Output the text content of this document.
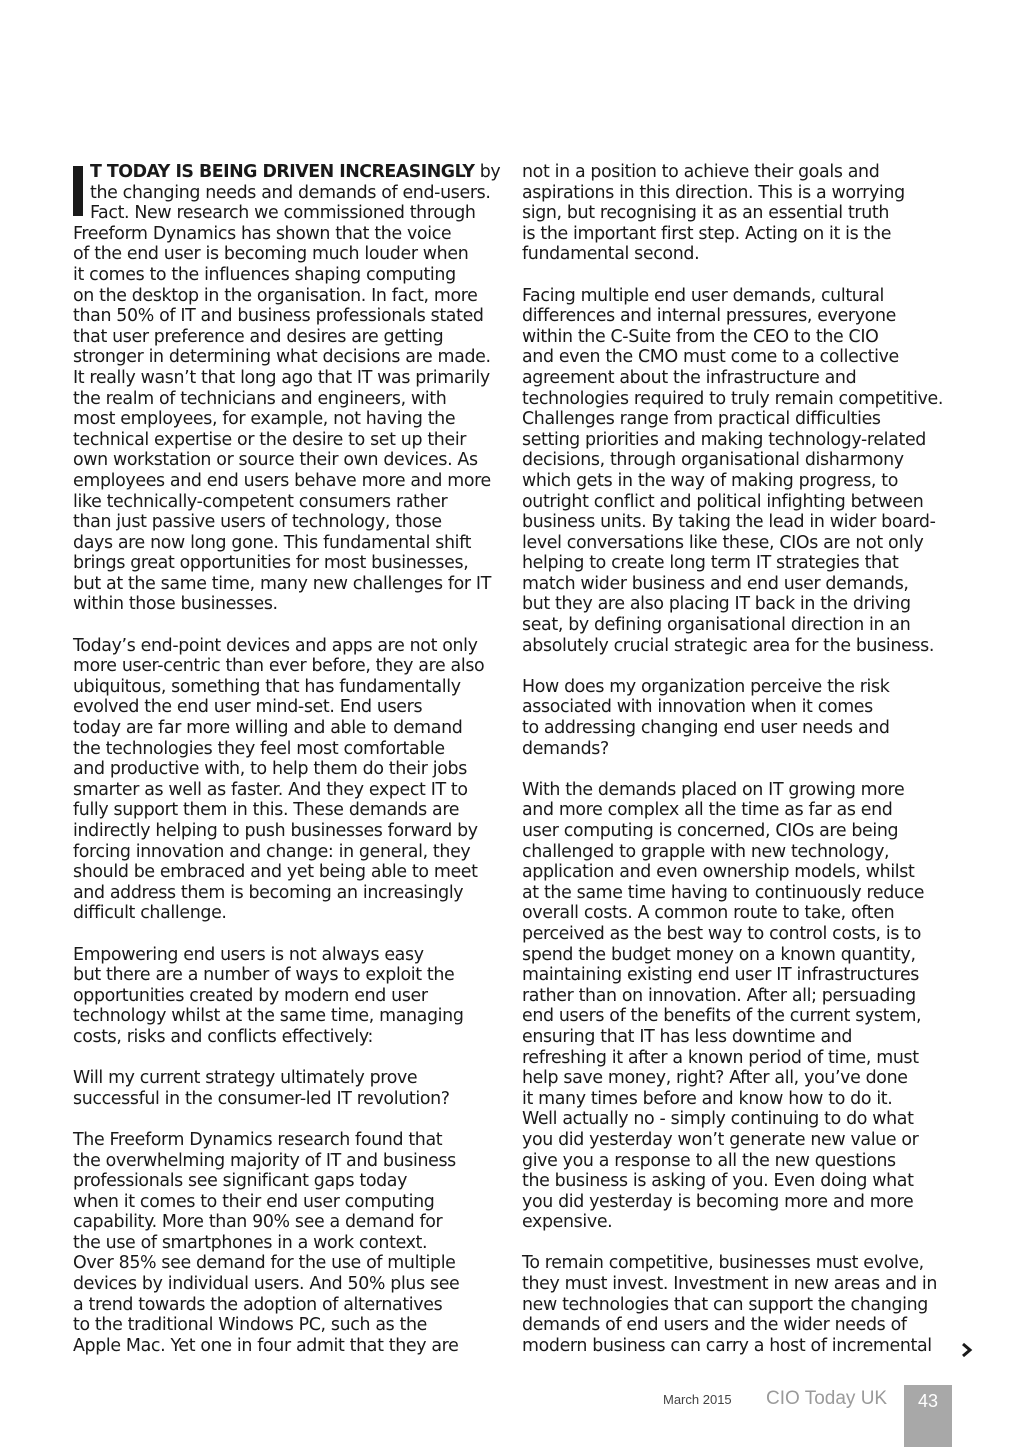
T TODAY IS BEING DRIVEN INCREASINGLY by
the changing needs and demands of end-users.
Fact. New research we commissioned through
Freeform Dynamics has shown that the voice
of the end user is becoming much louder when
it comes to the influences shaping computing
on the desktop in the organisation. In fact, more
than 50% of IT and business professionals stated
that user preference and desires are getting
stronger in determining what decisions are made.
It really wasn’t that long ago that IT was primarily
the realm of technicians and engineers, with
most employees, for example, not having the
technical expertise or the desire to set up their
own workstation or source their own devices. As
employees and end users behave more and more
like technically-competent consumers rather
than just passive users of technology, those
days are now long gone. This fundamental shift
brings great opportunities for most businesses,
but at the same time, many new challenges for IT
within those businesses.

Today’s end-point devices and apps are not only
more user-centric than ever before, they are also
ubiquitous, something that has fundamentally
evolved the end user mind-set. End users
today are far more willing and able to demand
the technologies they feel most comfortable
and productive with, to help them do their jobs
smarter as well as faster. And they expect IT to
fully support them in this. These demands are
indirectly helping to push businesses forward by
forcing innovation and change: in general, they
should be embraced and yet being able to meet
and address them is becoming an increasingly
difficult challenge.

Empowering end users is not always easy
but there are a number of ways to exploit the
opportunities created by modern end user
technology whilst at the same time, managing
costs, risks and conflicts effectively:

Will my current strategy ultimately prove
successful in the consumer-led IT revolution?

The Freeform Dynamics research found that
the overwhelming majority of IT and business
professionals see significant gaps today
when it comes to their end user computing
capability. More than 90% see a demand for
the use of smartphones in a work context.
Over 85% see demand for the use of multiple
devices by individual users. And 50% plus see
a trend towards the adoption of alternatives
to the traditional Windows PC, such as the
Apple Mac. Yet one in four admit that they are

not in a position to achieve their goals and
aspirations in this direction. This is a worrying
sign, but recognising it as an essential truth
is the important first step. Acting on it is the
fundamental second.

Facing multiple end user demands, cultural
differences and internal pressures, everyone
within the C-Suite from the CEO to the CIO
and even the CMO must come to a collective
agreement about the infrastructure and
technologies required to truly remain competitive.
Challenges range from practical difficulties
setting priorities and making technology-related
decisions, through organisational disharmony
which gets in the way of making progress, to
outright conflict and political infighting between
business units. By taking the lead in wider board-
level conversations like these, CIOs are not only
helping to create long term IT strategies that
match wider business and end user demands,
but they are also placing IT back in the driving
seat, by defining organisational direction in an
absolutely crucial strategic area for the business.

How does my organization perceive the risk
associated with innovation when it comes
to addressing changing end user needs and
demands?

With the demands placed on IT growing more
and more complex all the time as far as end
user computing is concerned, CIOs are being
challenged to grapple with new technology,
application and even ownership models, whilst
at the same time having to continuously reduce
overall costs. A common route to take, often
perceived as the best way to control costs, is to
spend the budget money on a known quantity,
maintaining existing end user IT infrastructures
rather than on innovation. After all; persuading
end users of the benefits of the current system,
ensuring that IT has less downtime and
refreshing it after a known period of time, must
help save money, right? After all, you’ve done
it many times before and know how to do it.
Well actually no - simply continuing to do what
you did yesterday won’t generate new value or
give you a response to all the new questions
the business is asking of you. Even doing what
you did yesterday is becoming more and more
expensive.

To remain competitive, businesses must evolve,
they must invest. Investment in new areas and in
new technologies that can support the changing
demands of end users and the wider needs of
modern business can carry a host of incremental

March 2015 CIO Today UK	43
